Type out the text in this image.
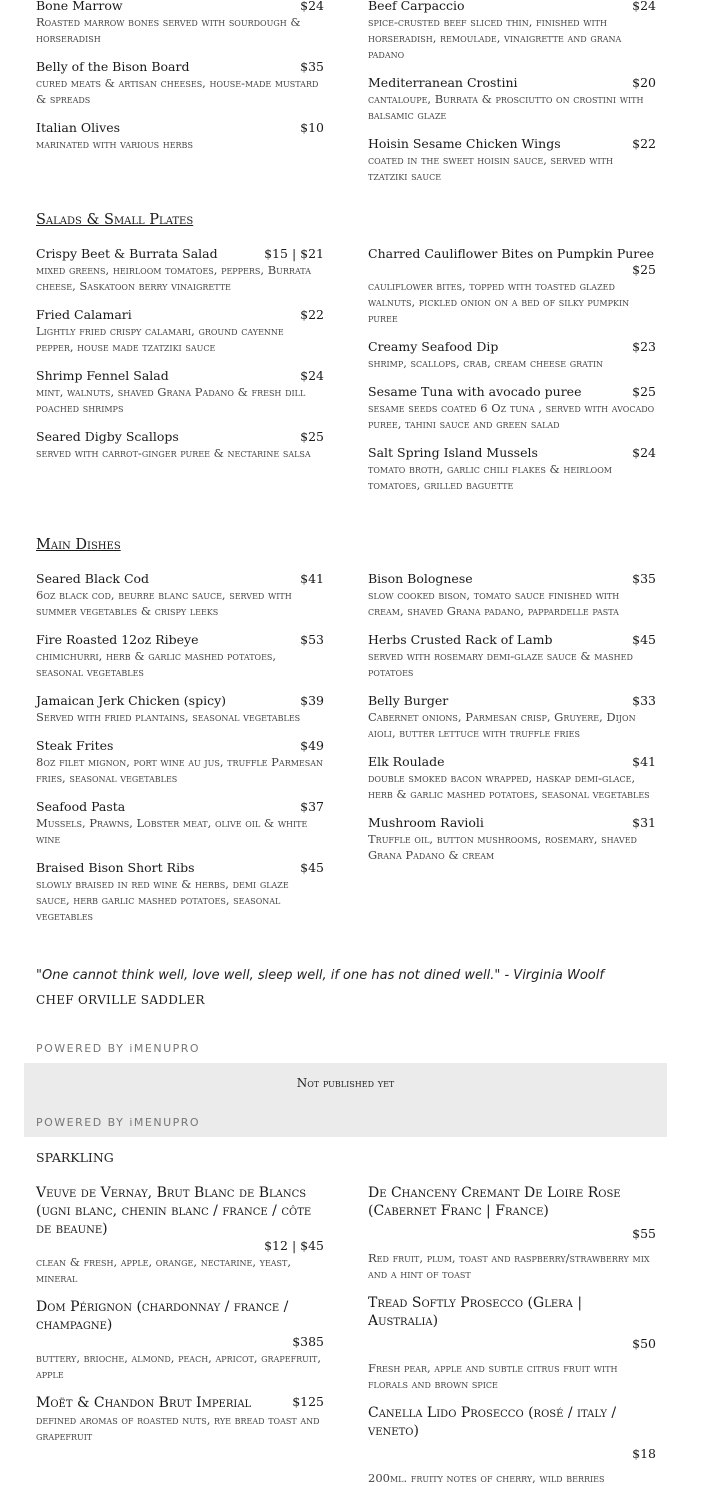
Bone Marrow	$24
Roasted marrow bones served with sourdough & horseradish
Belly of the Bison Board	$35
cured meats & artisan cheeses, house-made mustard & spreads
Italian Olives	$10
marinated with various herbs
Beef Carpaccio	$24
spice-crusted beef sliced thin, finished with horseradish, remoulade, vinaigrette and grana padano
Mediterranean Crostini	$20
cantaloupe, Burrata & prosciutto on crostini with balsamic glaze
Hoisin Sesame Chicken Wings	$22
coated in the sweet hoisin sauce, served with tzatziki sauce
Salads & Small Plates
Crispy Beet & Burrata Salad	$15 | $21
mixed greens, heirloom tomatoes, peppers, Burrata cheese, Saskatoon berry vinaigrette
Fried Calamari	$22
Lightly fried crispy calamari, ground cayenne pepper, house made tzatziki sauce
Shrimp Fennel Salad	$24
mint, walnuts, shaved Grana Padano & fresh dill poached shrimps
Seared Digby Scallops	$25
served with carrot-ginger puree & nectarine salsa
Charred Cauliflower Bites on Pumpkin Puree
$25
cauliflower bites, topped with toasted glazed walnuts, pickled onion on a bed of silky pumpkin puree
Creamy Seafood Dip	$23
shrimp, scallops, crab, cream cheese gratin
Sesame Tuna with avocado puree	$25
sesame seeds coated 6 Oz tuna , served with avocado puree, tahini sauce and green salad
Salt Spring Island Mussels	$24
tomato broth, garlic chili flakes & heirloom tomatoes, grilled baguette
Main Dishes
Seared Black Cod	$41
6oz black cod, beurre blanc sauce, served with summer vegetables & crispy leeks
Fire Roasted 12oz Ribeye	$53
chimichurri, herb & garlic mashed potatoes, seasonal vegetables
Jamaican Jerk Chicken (spicy)	$39
Served with fried plantains, seasonal vegetables
Steak Frites	$49
8oz filet mignon, port wine au jus, truffle Parmesan fries, seasonal vegetables
Seafood Pasta	$37
Mussels, Prawns, Lobster meat, olive oil & white wine
Braised Bison Short Ribs	$45
slowly braised in red wine & herbs, demi glaze sauce, herb garlic mashed potatoes, seasonal vegetables
Bison Bolognese	$35
slow cooked bison, tomato sauce finished with cream, shaved Grana padano, pappardelle pasta
Herbs Crusted Rack of Lamb	$45
served with rosemary demi-glaze sauce & mashed potatoes
Belly Burger	$33
Cabernet onions, Parmesan crisp, Gruyere, Dijon aioli, butter lettuce with truffle fries
Elk Roulade	$41
double smoked bacon wrapped, haskap demi-glace, herb & garlic mashed potatoes, seasonal vegetables
Mushroom Ravioli	$31
Truffle oil, button mushrooms, rosemary, shaved Grana Padano & cream
"One cannot think well, love well, sleep well, if one has not dined well." - Virginia Woolf
CHEF ORVILLE SADDLER
POWERED BY iMENUPRO
Not published yet
POWERED BY iMENUPRO
SPARKLING
Veuve de Vernay, Brut Blanc de Blancs (ugni blanc, chenin blanc / france / côte de beaune)
$12 | $45
clean & fresh, apple, orange, nectarine, yeast, mineral
Dom Pérignon (chardonnay / france / champagne)
$385
buttery, brioche, almond, peach, apricot, grapefruit, apple
Moët & Chandon Brut Imperial	$125
defined aromas of roasted nuts, rye bread toast and grapefruit
De Chanceny Cremant De Loire Rose (Cabernet Franc | France)
$55
Red fruit, plum, toast and raspberry/strawberry mix and a hint of toast
Tread Softly Prosecco (Glera | Australia)
$50
Fresh pear, apple and subtle citrus fruit with florals and brown spice
Canella Lido Prosecco (rosé / italy / veneto)
$18
200ml. fruity notes of cherry, wild berries
